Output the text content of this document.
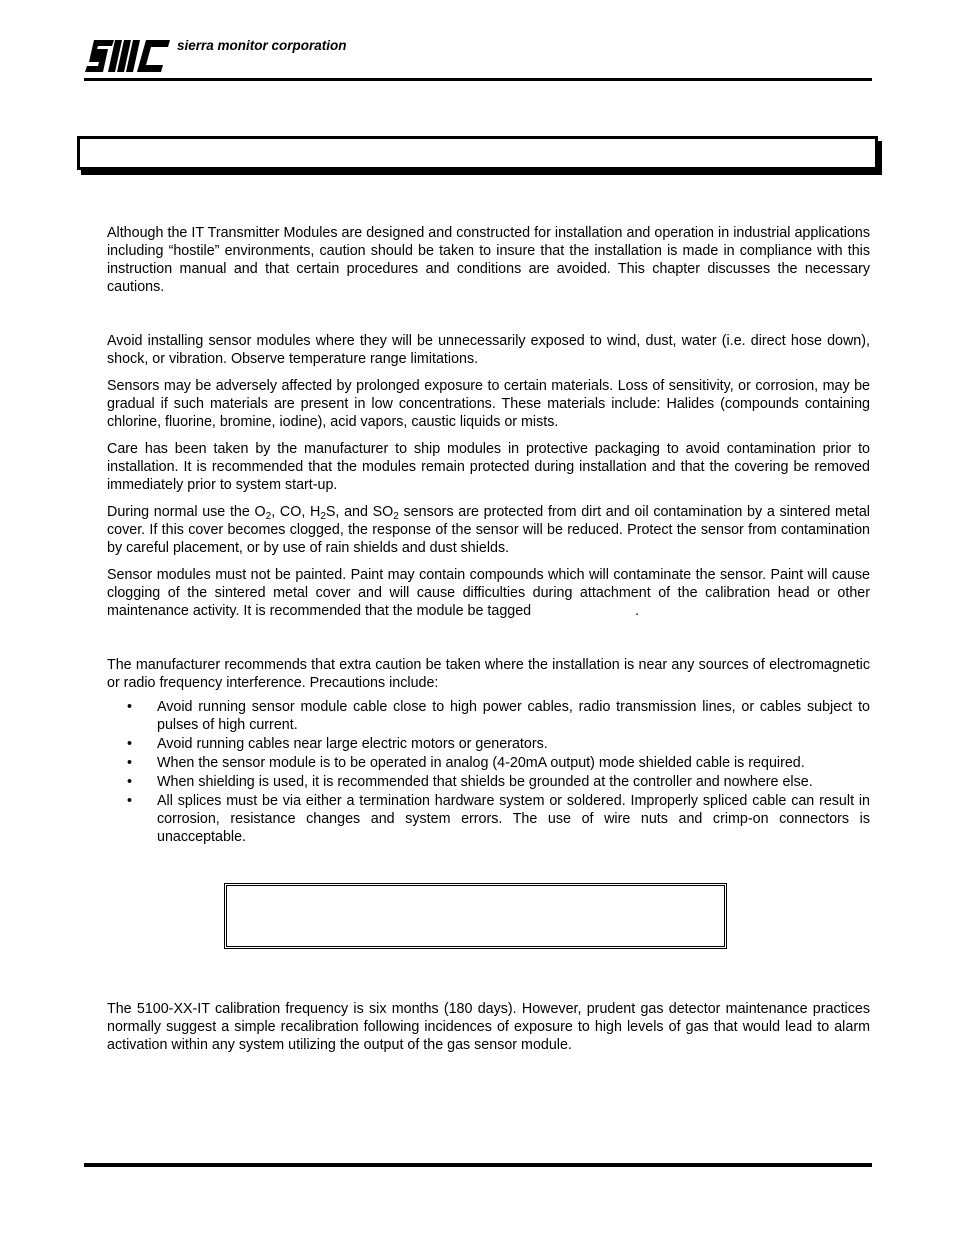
sierra monitor corporation

Although the IT Transmitter Modules are designed and constructed for installation and operation in industrial applications including “hostile” environments, caution should be taken to insure that the installation is made in compliance with this instruction manual and that certain procedures and conditions are avoided. This chapter discusses the necessary cautions.

Avoid installing sensor modules where they will be unnecessarily exposed to wind, dust, water (i.e. direct hose down), shock, or vibration. Observe temperature range limitations.

Sensors may be adversely affected by prolonged exposure to certain materials. Loss of sensitivity, or corrosion, may be gradual if such materials are present in low concentrations. These materials include: Halides (compounds containing chlorine, fluorine, bromine, iodine), acid vapors, caustic liquids or mists.

Care has been taken by the manufacturer to ship modules in protective packaging to avoid contamination prior to installation. It is recommended that the modules remain protected during installation and that the covering be removed immediately prior to system start-up.

During normal use the $O_2$, CO, $H_2S$, and $SO_2$ sensors are protected from dirt and oil contamination by a sintered metal cover. If this cover becomes clogged, the response of the sensor will be reduced. Protect the sensor from contamination by careful placement, or by use of rain shields and dust shields.

Sensor modules must not be painted. Paint may contain compounds which will contaminate the sensor. Paint will cause clogging of the sintered metal cover and will cause difficulties during attachment of the calibration head or other maintenance activity. It is recommended that the module be tagged	.

The manufacturer recommends that extra caution be taken where the installation is near any sources of electromagnetic or radio frequency interference. Precautions include:

• Avoid running sensor module cable close to high power cables, radio transmission lines, or cables subject to pulses of high current.
• Avoid running cables near large electric motors or generators.
• When the sensor module is to be operated in analog (4-20mA output) mode shielded cable is required.
• When shielding is used, it is recommended that shields be grounded at the controller and nowhere else.
• All splices must be via either a termination hardware system or soldered. Improperly spliced cable can result in corrosion, resistance changes and system errors. The use of wire nuts and crimp-on connectors is unacceptable.

The 5100-XX-IT calibration frequency is six months (180 days). However, prudent gas detector maintenance practices normally suggest a simple recalibration following incidences of exposure to high levels of gas that would lead to alarm activation within any system utilizing the output of the gas sensor module.
